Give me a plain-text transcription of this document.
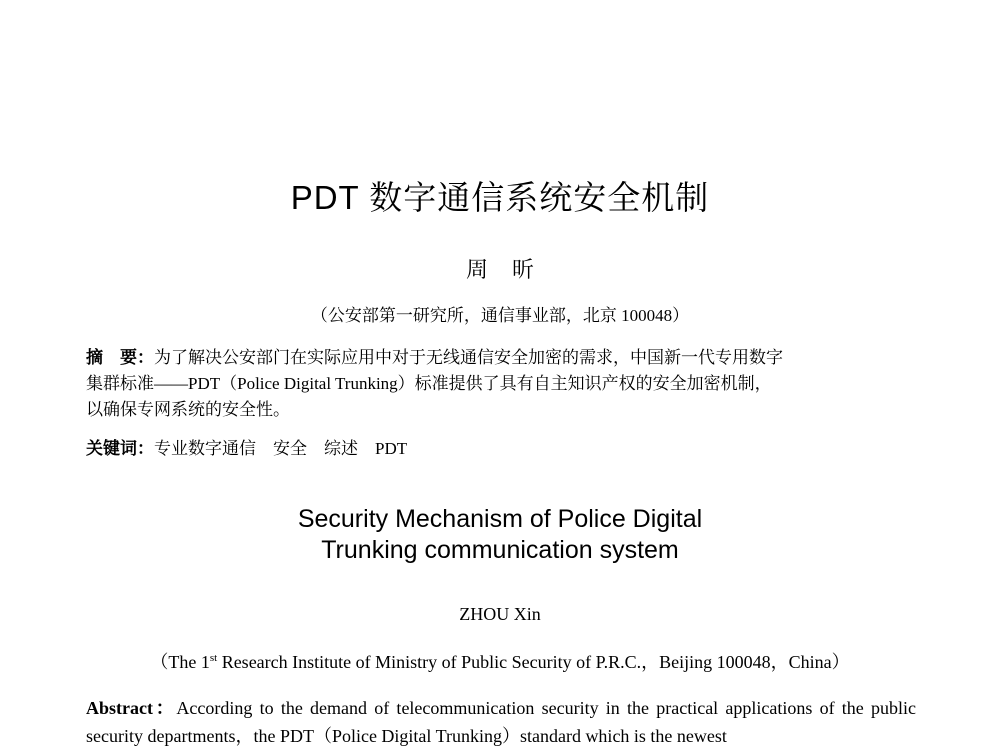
PDT 数字通信系统安全机制
周 昕
（公安部第一研究所，通信事业部，北京 100048）
摘　要：为了解决公安部门在实际应用中对于无线通信安全加密的需求，中国新一代专用数字
集群标准——PDT（Police Digital Trunking）标准提供了具有自主知识产权的安全加密机制，
以确保专网系统的安全性。
关键词：专业数字通信　安全　综述　PDT
Security Mechanism of Police Digital
Trunking communication system
ZHOU Xin
（The 1st Research Institute of Ministry of Public Security of P.R.C.，Beijing 100048，China）
Abstract：According to the demand of telecommunication security in the practical applications of the public security departments，the PDT（Police Digital Trunking）standard which is the newest
